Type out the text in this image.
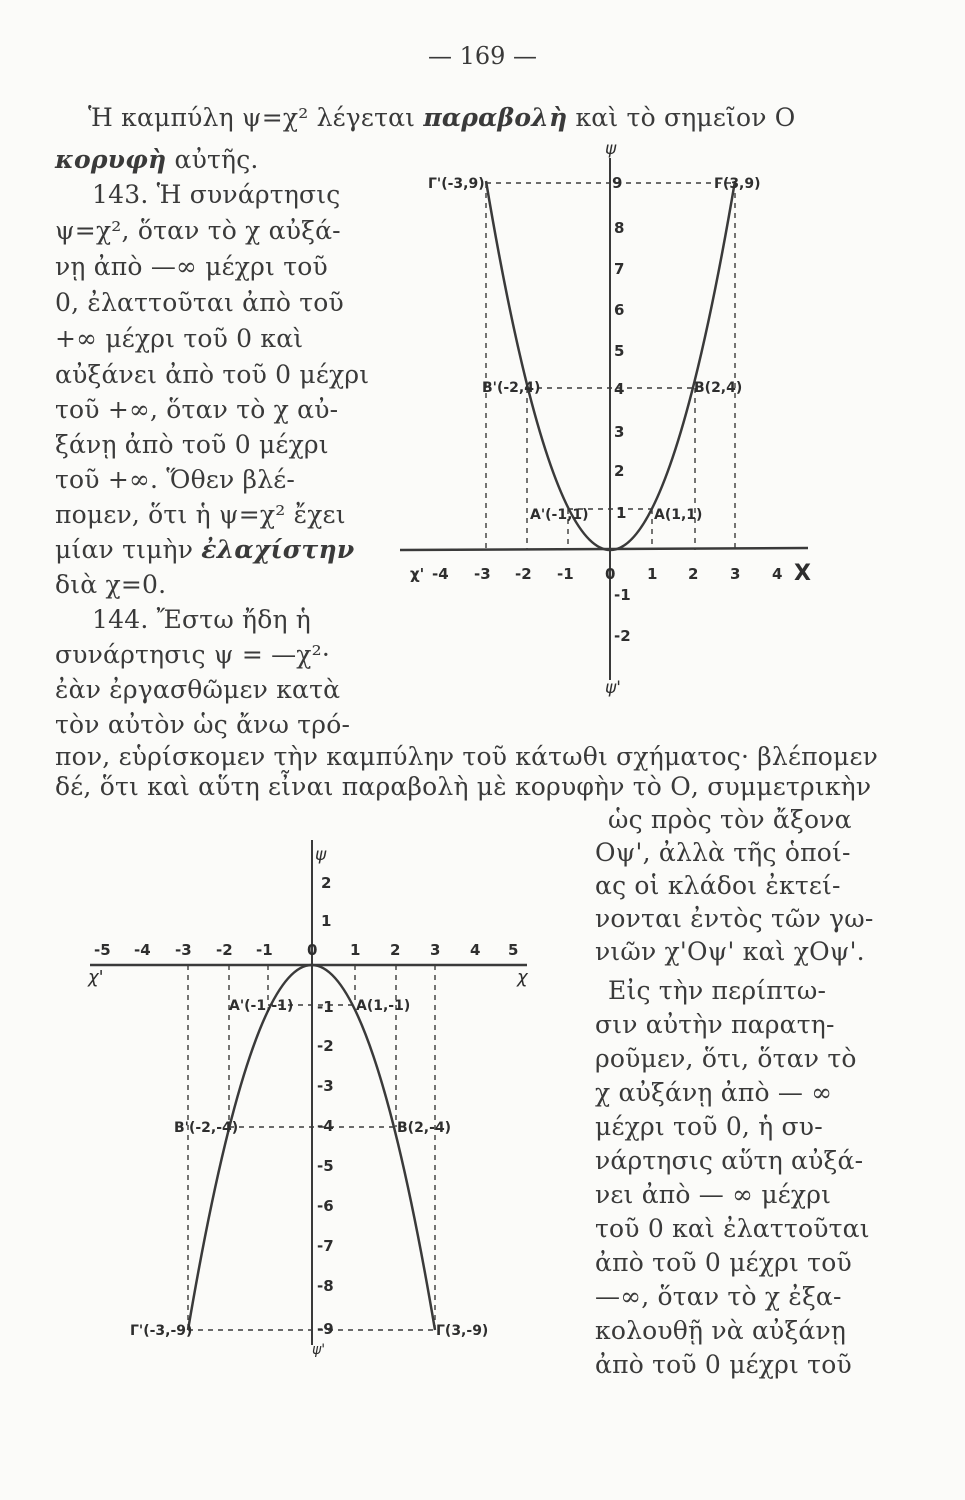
— 169 —
Ἡ καμπύλη ψ=χ² λέγεται παραβολὴ καὶ τὸ σημεῖον Ο
κορυφὴ αὐτῆς.
143. Ἡ συνάρτησις
ψ=χ², ὅταν τὸ χ αὐξά-
νῃ ἀπὸ —∞ μέχρι τοῦ
0, ἐλαττοῦται ἀπὸ τοῦ
+∞ μέχρι τοῦ 0 καὶ
αὐξάνει ἀπὸ τοῦ 0 μέχρι
τοῦ +∞, ὅταν τὸ χ αὐ-
ξάνῃ ἀπὸ τοῦ 0 μέχρι
τοῦ +∞. Ὅθεν βλέ-
πομεν, ὅτι ἡ ψ=χ² ἔχει
μίαν τιμὴν ἐλαχίστην
διὰ χ=0.
144. Ἔστω ἤδη ἡ
συνάρτησις ψ = —χ²·
ἐὰν ἐργασθῶμεν κατὰ
τὸν αὐτὸν ὡς ἄνω τρό-
πον, εὑρίσκομεν τὴν καμπύλην τοῦ κάτωθι σχήματος· βλέπομεν
δέ, ὅτι καὶ αὕτη εἶναι παραβολὴ μὲ κορυφὴν τὸ Ο, συμμετρικὴν
ὡς πρὸς τὸν ἄξονα
Οψ', ἀλλὰ τῆς ὁποί-
ας οἱ κλάδοι ἐκτεί-
νονται ἐντὸς τῶν γω-
νιῶν χ'Οψ' καὶ χΟψ'.
Εἰς τὴν περίπτω-
σιν αὐτὴν παρατη-
ροῦμεν, ὅτι, ὅταν τὸ
χ αὐξάνῃ ἀπὸ — ∞
μέχρι τοῦ 0, ἡ συ-
νάρτησις αὕτη αὐξά-
νει ἀπὸ — ∞ μέχρι
τοῦ 0 καὶ ἐλαττοῦται
ἀπὸ τοῦ 0 μέχρι τοῦ
—∞, ὅταν τὸ χ ἐξα-
κολουθῇ νὰ αὐξάνῃ
ἀπὸ τοῦ 0 μέχρι τοῦ
9
8
7
6
5
4
3
2
1
-1
-2
ψ
ψ'
χ' -4 -3 -2 -1 0 1 2 3 4 X
Γ'(-3,9)	Γ(3,9)
Β'(-2,4)	Β(2,4)
Α'(-1,1)	Α(1,1)
ψ
2
1
-1
-2
-3
-4
-5
-6
-7
-8
-9
ψ'
-5 -4 -3 -2 -1 0 1 2 3 4 5
χ'	χ
Α'(-1,-1)	Α(1,-1)
Β'(-2,-4)	Β(2,-4)
Γ'(-3,-9)	Γ(3,-9)
